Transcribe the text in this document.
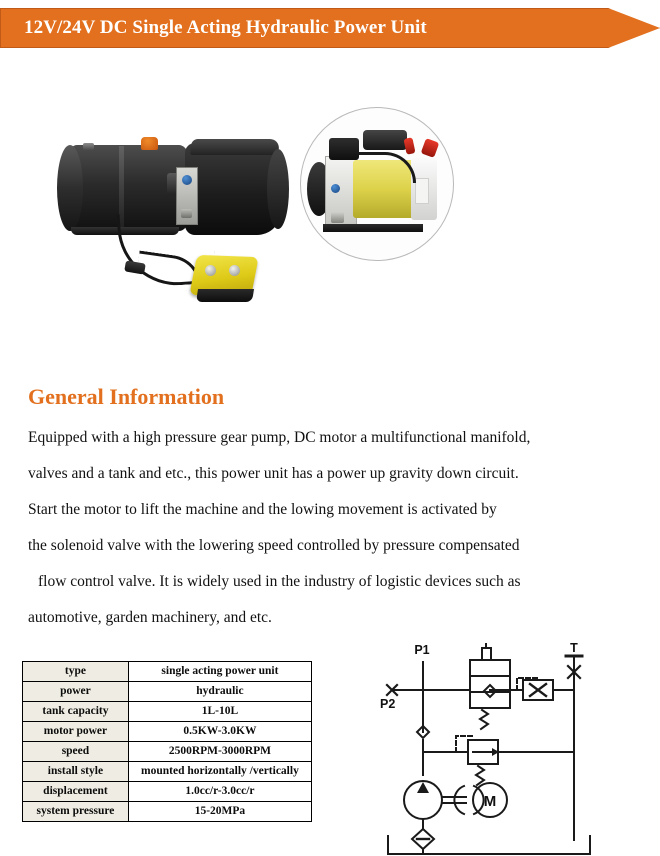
12V/24V DC Single Acting Hydraulic Power Unit
General Information
Equipped with a high pressure gear pump, DC motor a multifunctional manifold,
valves and a tank and etc., this power unit has a power up gravity down circuit.
Start the motor to lift the machine and the lowing movement is activated by
the solenoid valve with the lowering speed controlled by pressure compensated
flow control valve. It is widely used in the industry of logistic devices such as
automotive, garden machinery, and etc.
type	single acting power unit
power	hydraulic
tank capacity	1L-10L
motor power	0.5KW-3.0KW
speed	2500RPM-3000RPM
install style	mounted horizontally /vertically
displacement	1.0cc/r-3.0cc/r
system pressure	15-20MPa
M
P1
P2
T
